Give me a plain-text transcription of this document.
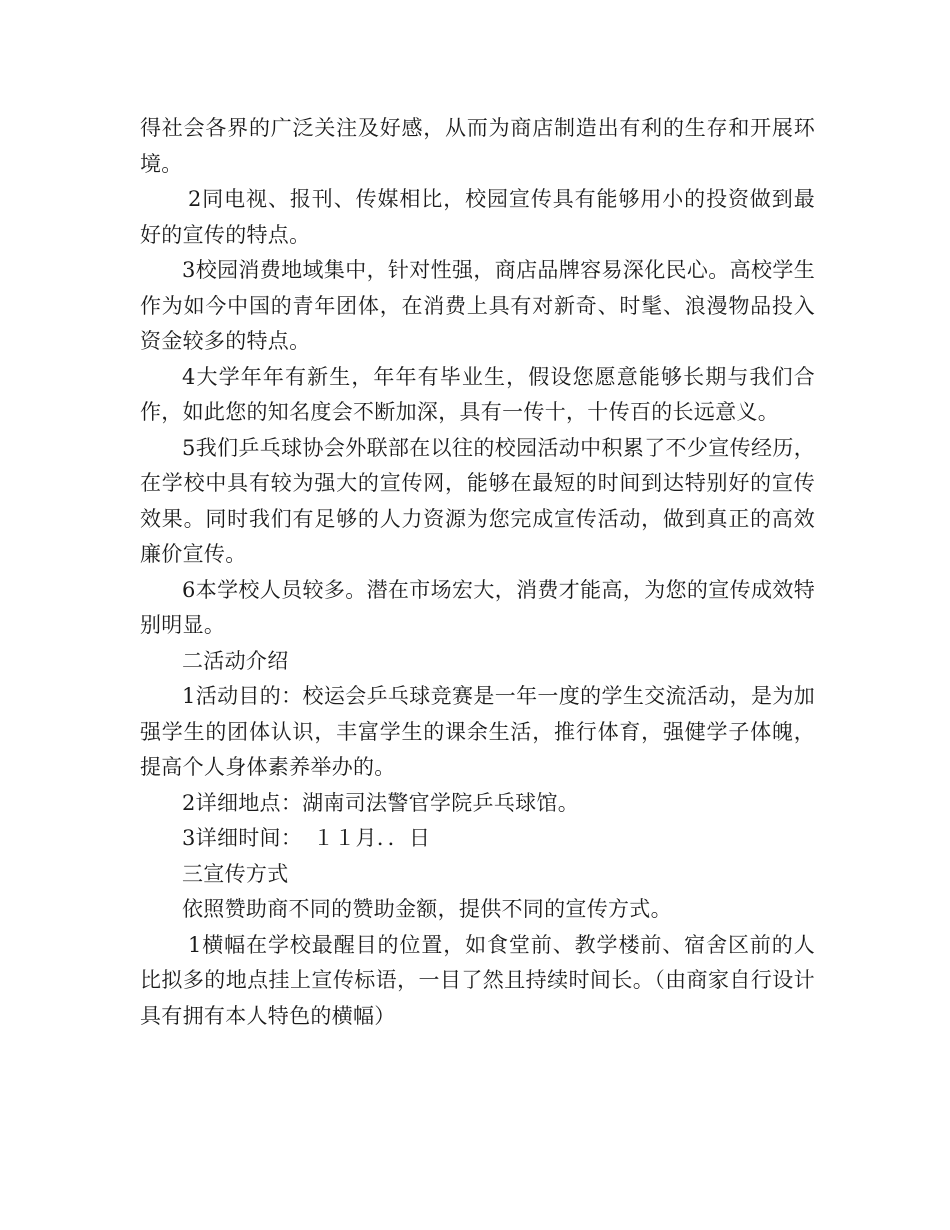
得社会各界的广泛关注及好感，从而为商店制造出有利的生存和开展环境。

2同电视、报刊、传媒相比，校园宣传具有能够用小的投资做到最好的宣传的特点。

3校园消费地域集中，针对性强，商店品牌容易深化民心。高校学生作为如今中国的青年团体，在消费上具有对新奇、时髦、浪漫物品投入资金较多的特点。

4大学年年有新生，年年有毕业生，假设您愿意能够长期与我们合作，如此您的知名度会不断加深，具有一传十，十传百的长远意义。

5我们乒乓球协会外联部在以往的校园活动中积累了不少宣传经历，在学校中具有较为强大的宣传网，能够在最短的时间到达特别好的宣传效果。同时我们有足够的人力资源为您完成宣传活动，做到真正的高效廉价宣传。

6本学校人员较多。潜在市场宏大，消费才能高，为您的宣传成效特别明显。

二活动介绍

1活动目的：校运会乒乓球竞赛是一年一度的学生交流活动，是为加强学生的团体认识，丰富学生的课余生活，推行体育，强健学子体魄，提高个人身体素养举办的。

2详细地点：湖南司法警官学院乒乓球馆。

3详细时间：　１１月．．日

三宣传方式

依照赞助商不同的赞助金额，提供不同的宣传方式。

1横幅在学校最醒目的位置，如食堂前、教学楼前、宿舍区前的人比拟多的地点挂上宣传标语，一目了然且持续时间长。（由商家自行设计具有拥有本人特色的横幅）
